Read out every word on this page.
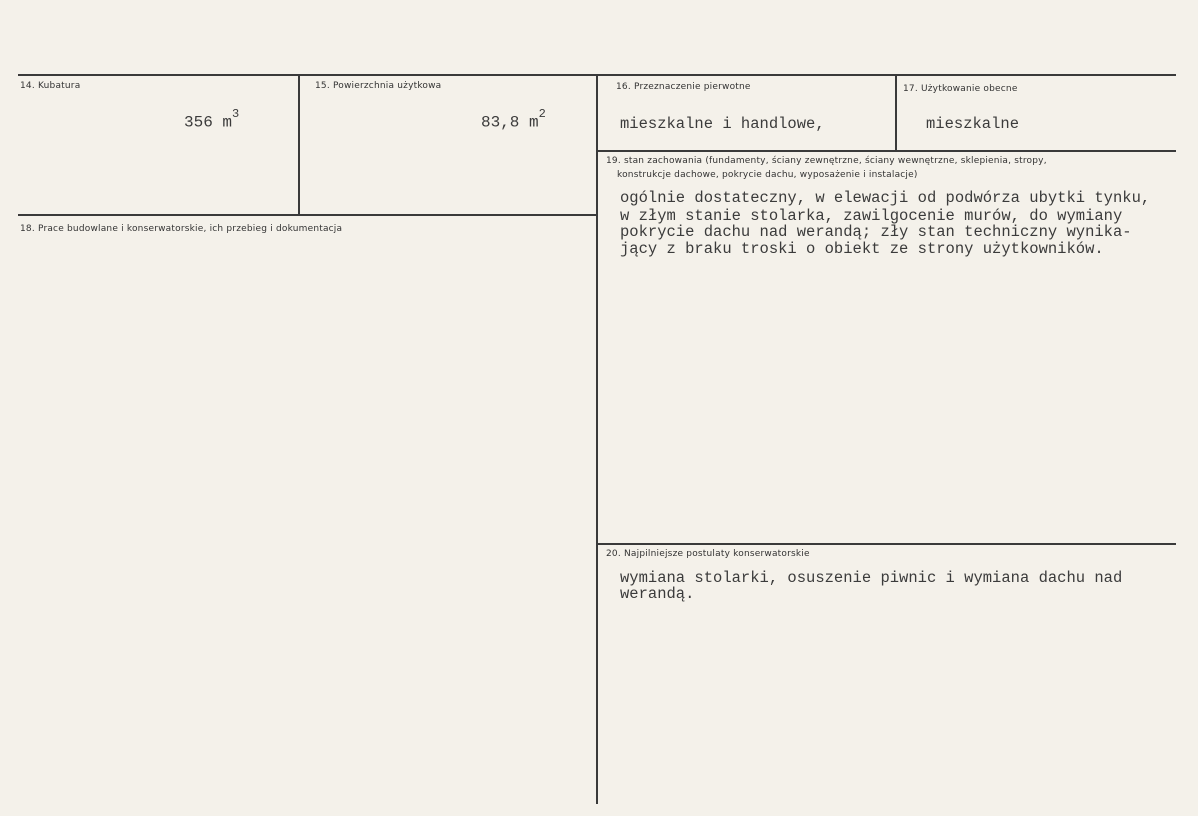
14. Kubatura
356 $m^3$
15. Powierzchnia użytkowa
83,8 $m^2$
16. Przeznaczenie pierwotne
mieszkalne i handlowe,
17. Użytkowanie obecne
mieszkalne
18. Prace budowlane i konserwatorskie, ich przebieg i dokumentacja
19. stan zachowania (fundamenty, ściany zewnętrzne, ściany wewnętrzne, sklepienia, stropy,
konstrukcje dachowe, pokrycie dachu, wyposażenie i instalacje)
ogólnie dostateczny, w elewacji od podwórza ubytki tynku,
w złym stanie stolarka, zawilgocenie murów, do wymiany
pokrycie dachu nad werandą; zły stan techniczny wynika-
jący z braku troski o obiekt ze strony użytkowników.
20. Najpilniejsze postulaty konserwatorskie
wymiana stolarki, osuszenie piwnic i wymiana dachu nad
werandą.
